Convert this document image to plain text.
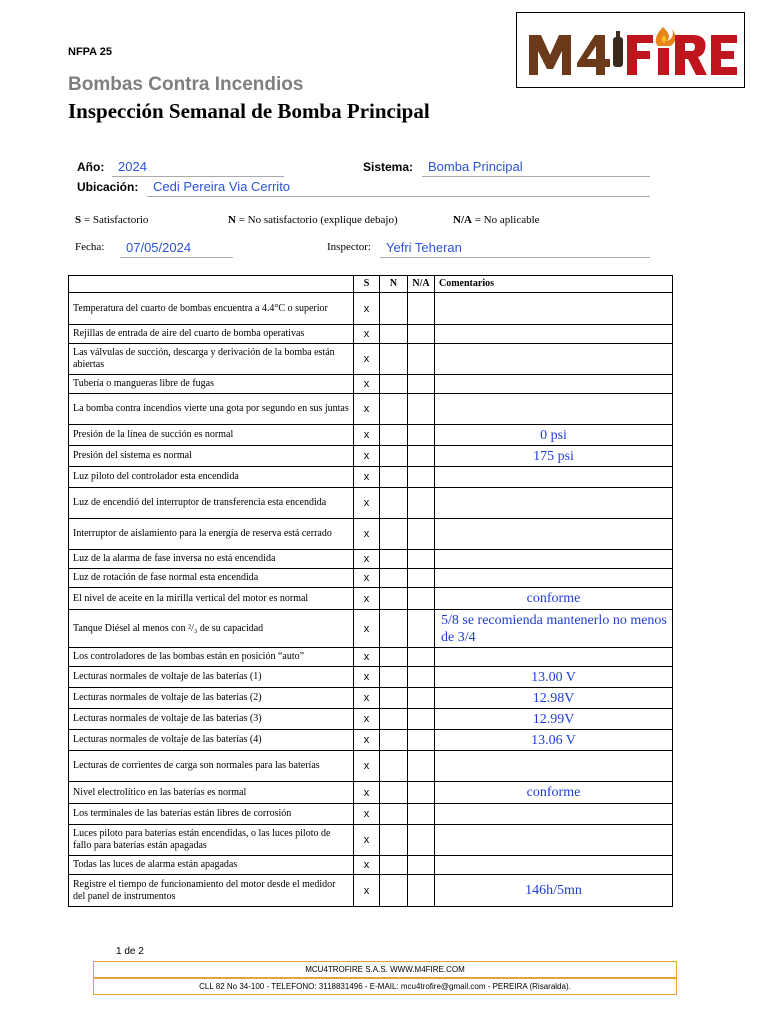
NFPA 25
Bombas Contra Incendios
Inspección Semanal de Bomba Principal
Año:	2024	Sistema:	Bomba Principal
Ubicación:	Cedi Pereira Via Cerrito
S = Satisfactorio	N = No satisfactorio (explique debajo)	N/A = No aplicable
Fecha:	07/05/2024	Inspector:	Yefri Teheran
	S	N	N/A	Comentarios
Temperatura del cuarto de bombas encuentra a 4.4°C o superior	x			
Rejillas de entrada de aire del cuarto de bomba operativas	x			
Las válvulas de succión, descarga y derivación de la bomba están abiertas	x			
Tubería o mangueras libre de fugas	x			
La bomba contra incendios vierte una gota por segundo en sus juntas	x			
Presión de la línea de succión es normal	x			0 psi
Presión del sistema es normal	x			175 psi
Luz piloto del controlador esta encendida	x			
Luz de encendió del interruptor de transferencia esta encendida	x			
Interruptor de aislamiento para la energía de reserva está cerrado	x			
Luz de la alarma de fase inversa no está encendida	x			
Luz de rotación de fase normal esta encendida	x			
El nivel de aceite en la mirilla vertical del motor es normal	x			conforme
Tanque Diésel al menos con ²/₃ de su capacidad	x			5/8 se recomienda mantenerlo no menos de 3/4
Los controladores de las bombas están en posición “auto”	x			
Lecturas normales de voltaje de las baterías (1)	x			13.00 V
Lecturas normales de voltaje de las baterías (2)	x			12.98V
Lecturas normales de voltaje de las baterías (3)	x			12.99V
Lecturas normales de voltaje de las baterías (4)	x			13.06 V
Lecturas de corrientes de carga son normales para las baterías	x			
Nivel electrolítico en las baterías es normal	x			conforme
Los terminales de las baterías están libres de corrosión	x			
Luces piloto para baterías están encendidas, o las luces piloto de fallo para baterías están apagadas	x			
Todas las luces de alarma están apagadas	x			
Registre el tiempo de funcionamiento del motor desde el medidor del panel de instrumentos	x			146h/5mn
1 de 2
MCU4TROFIRE S.A.S. WWW.M4FIRE.COM
CLL 82 No 34-100 - TELEFONO: 3118831496 - E-MAIL: mcu4trofire@gmail.com - PEREIRA (Risaralda).
